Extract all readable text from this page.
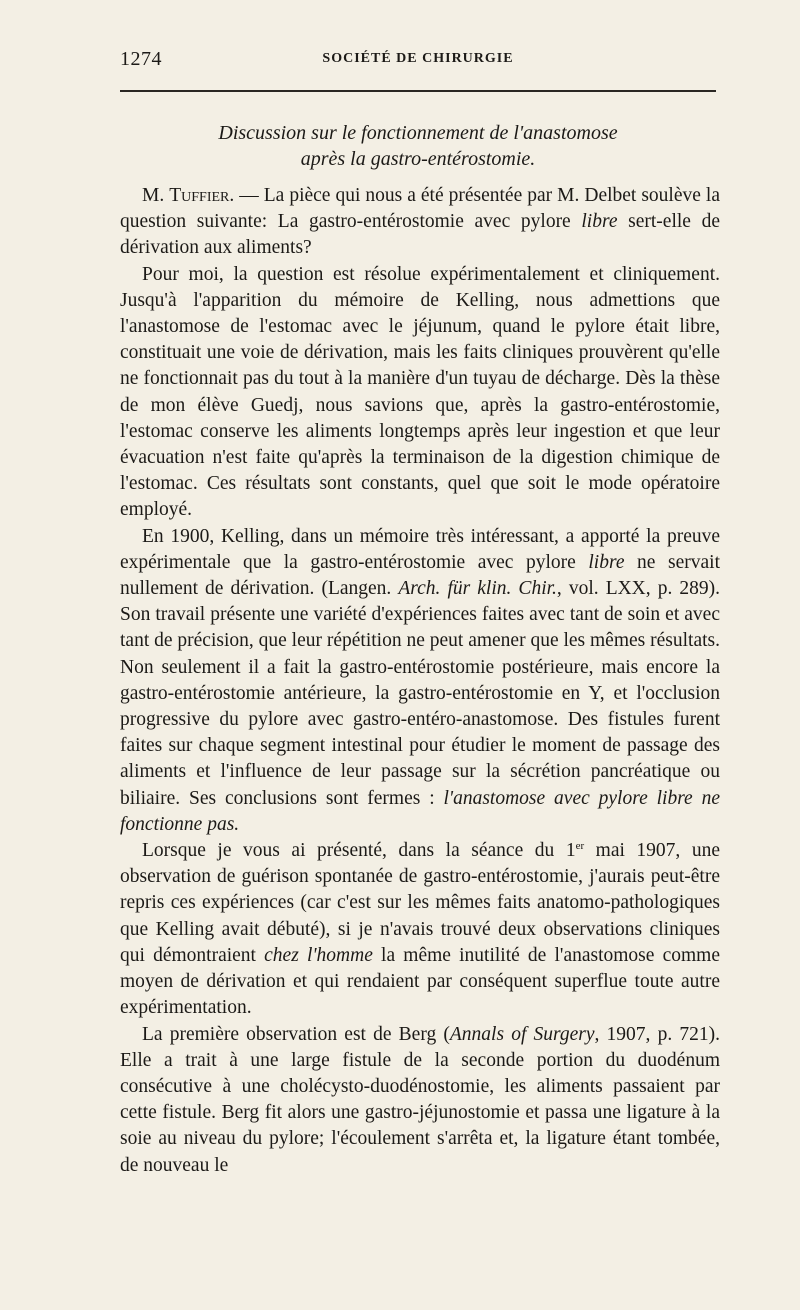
1274	SOCIÉTÉ DE CHIRURGIE
Discussion sur le fonctionnement de l'anastomose
après la gastro-entérostomie.

M. Tuffier. — La pièce qui nous a été présentée par M. Delbet soulève la question suivante: La gastro-entérostomie avec pylore libre sert-elle de dérivation aux aliments?

Pour moi, la question est résolue expérimentalement et cliniquement. Jusqu'à l'apparition du mémoire de Kelling, nous admettions que l'anastomose de l'estomac avec le jéjunum, quand le pylore était libre, constituait une voie de dérivation, mais les faits cliniques prouvèrent qu'elle ne fonctionnait pas du tout à la manière d'un tuyau de décharge. Dès la thèse de mon élève Guedj, nous savions que, après la gastro-entérostomie, l'estomac conserve les aliments longtemps après leur ingestion et que leur évacuation n'est faite qu'après la terminaison de la digestion chimique de l'estomac. Ces résultats sont constants, quel que soit le mode opératoire employé.

En 1900, Kelling, dans un mémoire très intéressant, a apporté la preuve expérimentale que la gastro-entérostomie avec pylore libre ne servait nullement de dérivation. (Langen. Arch. für klin. Chir., vol. LXX, p. 289). Son travail présente une variété d'expériences faites avec tant de soin et avec tant de précision, que leur répétition ne peut amener que les mêmes résultats. Non seulement il a fait la gastro-entérostomie postérieure, mais encore la gastro-entérostomie antérieure, la gastro-entérostomie en Y, et l'occlusion progressive du pylore avec gastro-entéro-anastomose. Des fistules furent faites sur chaque segment intestinal pour étudier le moment de passage des aliments et l'influence de leur passage sur la sécrétion pancréatique ou biliaire. Ses conclusions sont fermes : l'anastomose avec pylore libre ne fonctionne pas.

Lorsque je vous ai présenté, dans la séance du 1er mai 1907, une observation de guérison spontanée de gastro-entérostomie, j'aurais peut-être repris ces expériences (car c'est sur les mêmes faits anatomo-pathologiques que Kelling avait débuté), si je n'avais trouvé deux observations cliniques qui démontraient chez l'homme la même inutilité de l'anastomose comme moyen de dérivation et qui rendaient par conséquent superflue toute autre expérimentation.

La première observation est de Berg (Annals of Surgery, 1907, p. 721). Elle a trait à une large fistule de la seconde portion du duodénum consécutive à une cholécysto-duodénostomie, les aliments passaient par cette fistule. Berg fit alors une gastro-jéjunostomie et passa une ligature à la soie au niveau du pylore; l'écoulement s'arrêta et, la ligature étant tombée, de nouveau le
